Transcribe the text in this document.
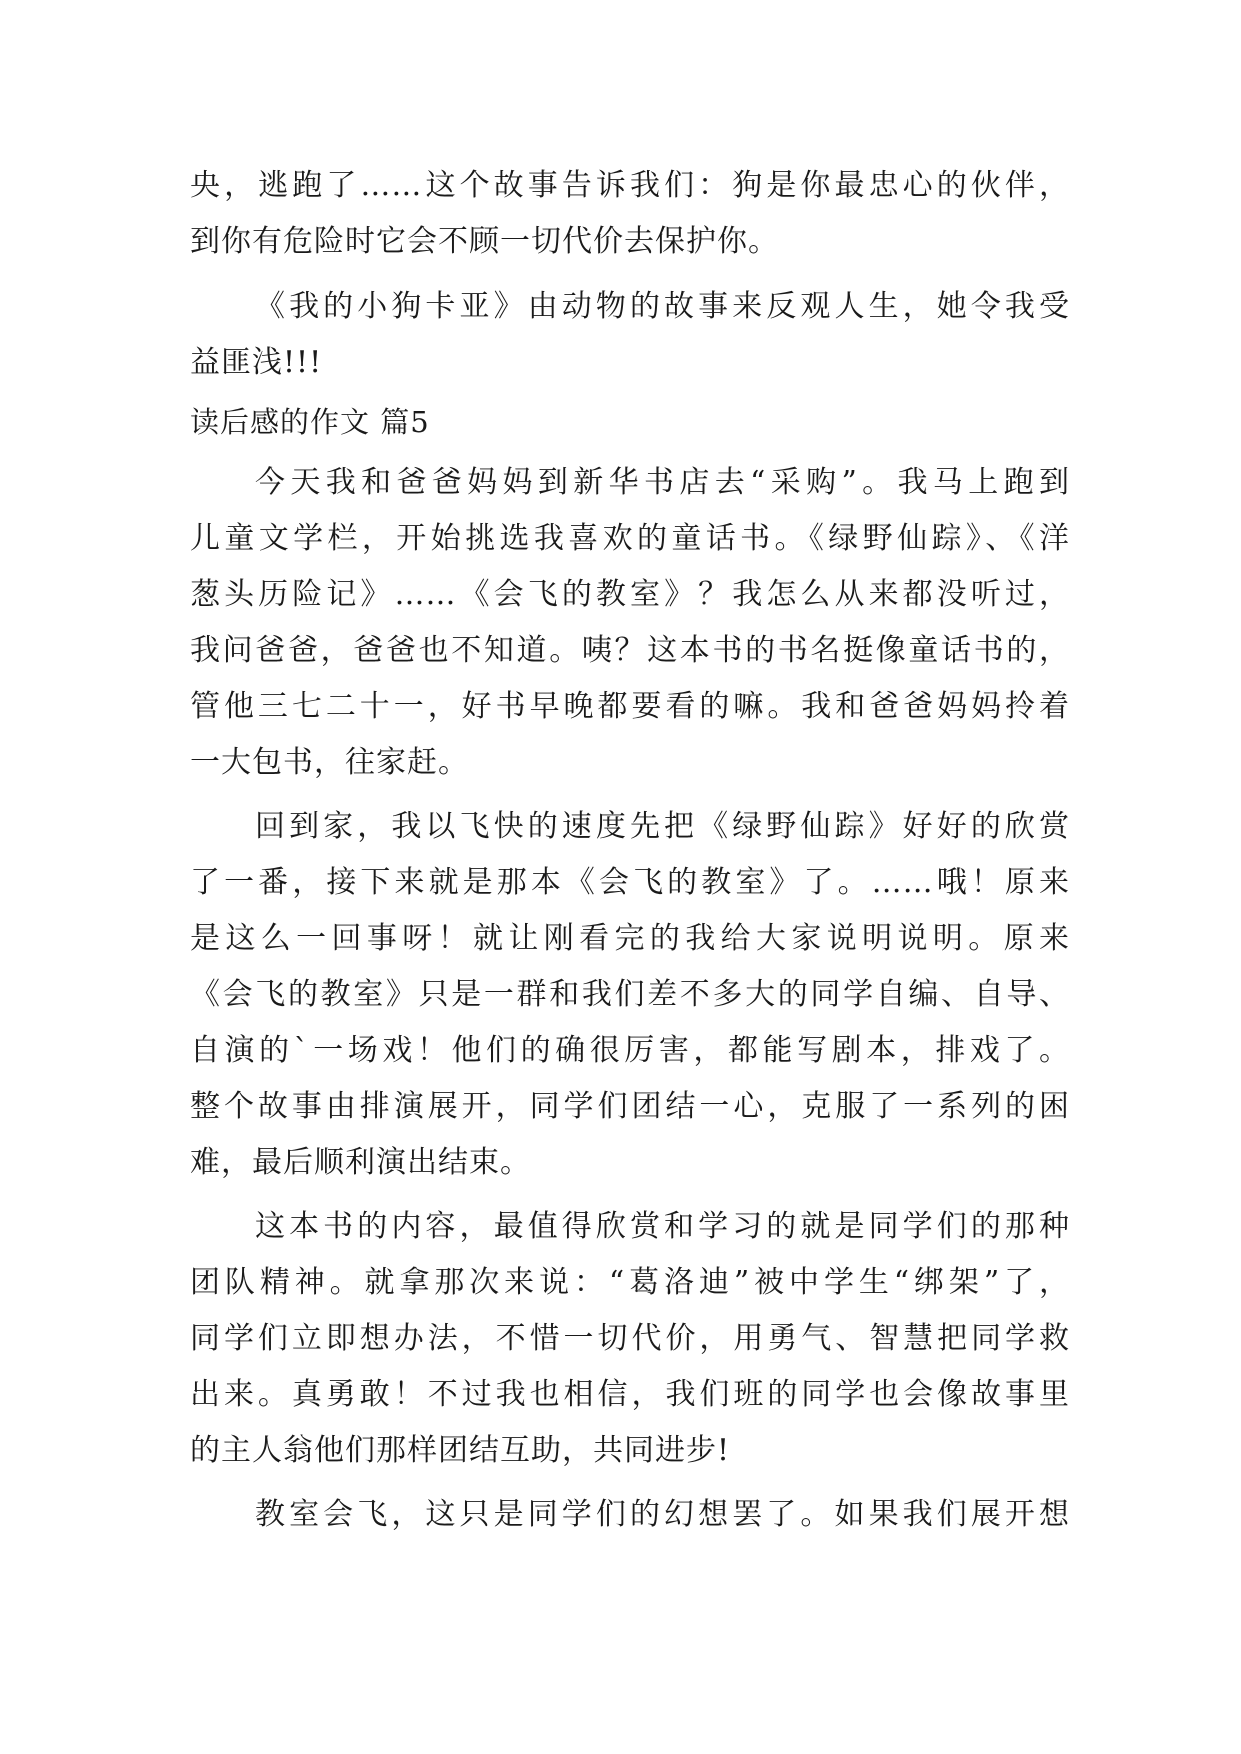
央，逃跑了……这个故事告诉我们：狗是你最忠心的伙伴，
到你有危险时它会不顾一切代价去保护你。
《我的小狗卡亚》由动物的故事来反观人生，她令我受
益匪浅!!!
读后感的作文 篇5
今天我和爸爸妈妈到新华书店去“采购”。我马上跑到
儿童文学栏，开始挑选我喜欢的童话书。《绿野仙踪》、《洋
葱头历险记》……《会飞的教室》？我怎么从来都没听过，
我问爸爸，爸爸也不知道。咦？这本书的书名挺像童话书的，
管他三七二十一，好书早晚都要看的嘛。我和爸爸妈妈拎着
一大包书，往家赶。
回到家，我以飞快的速度先把《绿野仙踪》好好的欣赏
了一番，接下来就是那本《会飞的教室》了。……哦！原来
是这么一回事呀！就让刚看完的我给大家说明说明。原来
《会飞的教室》只是一群和我们差不多大的同学自编、自导、
自演的`一场戏！他们的确很厉害，都能写剧本，排戏了。
整个故事由排演展开，同学们团结一心，克服了一系列的困
难，最后顺利演出结束。
这本书的内容，最值得欣赏和学习的就是同学们的那种
团队精神。就拿那次来说：“葛洛迪”被中学生“绑架”了，
同学们立即想办法，不惜一切代价，用勇气、智慧把同学救
出来。真勇敢！不过我也相信，我们班的同学也会像故事里
的主人翁他们那样团结互助，共同进步!
教室会飞，这只是同学们的幻想罢了。如果我们展开想
